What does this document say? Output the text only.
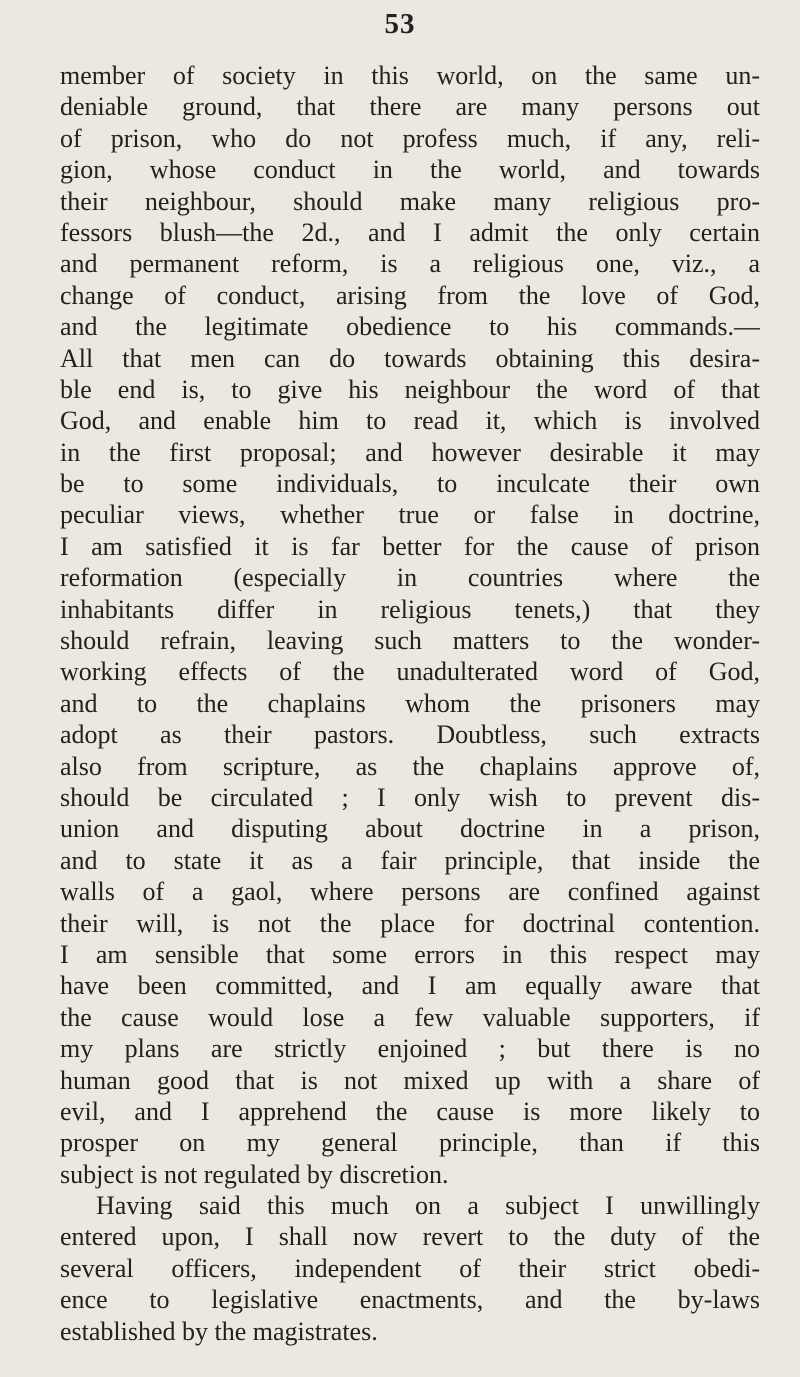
53
member of society in this world, on the same un-
deniable ground, that there are many persons out
of prison, who do not profess much, if any, reli-
gion, whose conduct in the world, and towards
their neighbour, should make many religious pro-
fessors blush—the 2d., and I admit the only certain
and permanent reform, is a religious one, viz., a
change of conduct, arising from the love of God,
and the legitimate obedience to his commands.—
All that men can do towards obtaining this desira-
ble end is, to give his neighbour the word of that
God, and enable him to read it, which is involved
in the first proposal; and however desirable it may
be to some individuals, to inculcate their own
peculiar views, whether true or false in doctrine,
I am satisfied it is far better for the cause of prison
reformation (especially in countries where the
inhabitants differ in religious tenets,) that they
should refrain, leaving such matters to the wonder-
working effects of the unadulterated word of God,
and to the chaplains whom the prisoners may
adopt as their pastors. Doubtless, such extracts
also from scripture, as the chaplains approve of,
should be circulated ; I only wish to prevent dis-
union and disputing about doctrine in a prison,
and to state it as a fair principle, that inside the
walls of a gaol, where persons are confined against
their will, is not the place for doctrinal contention.
I am sensible that some errors in this respect may
have been committed, and I am equally aware that
the cause would lose a few valuable supporters, if
my plans are strictly enjoined ; but there is no
human good that is not mixed up with a share of
evil, and I apprehend the cause is more likely to
prosper on my general principle, than if this
subject is not regulated by discretion.
Having said this much on a subject I unwillingly
entered upon, I shall now revert to the duty of the
several officers, independent of their strict obedi-
ence to legislative enactments, and the by-laws
established by the magistrates.
